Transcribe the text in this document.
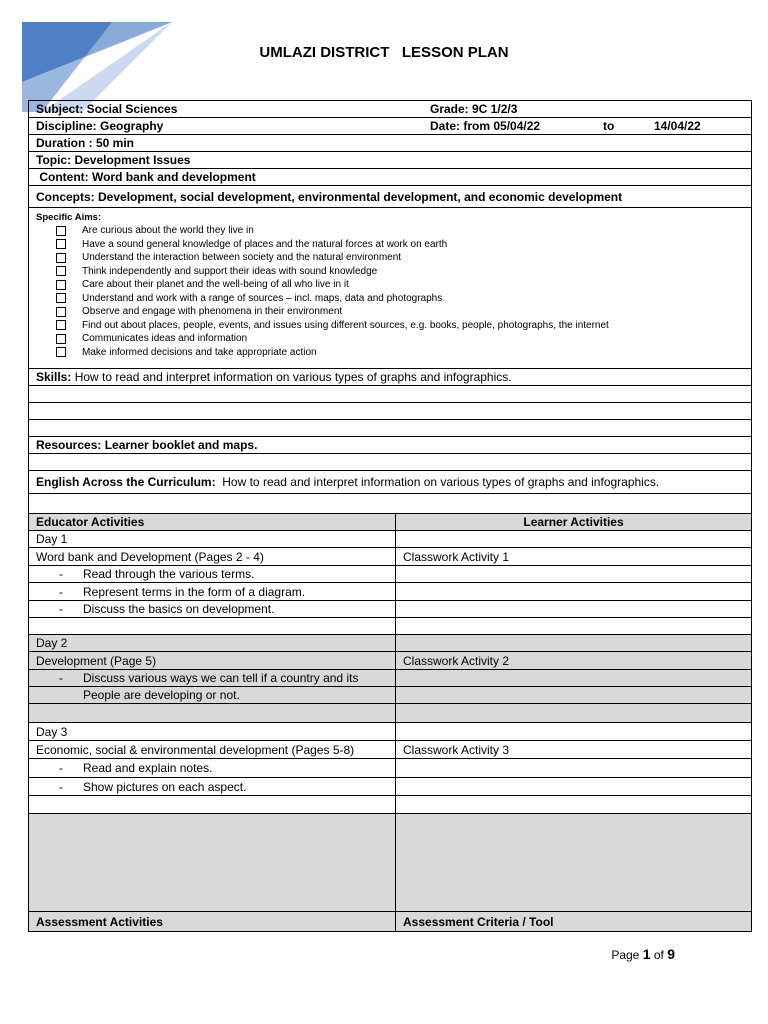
UMLAZI DISTRICT   LESSON PLAN
Subject: Social Sciences	Grade: 9C 1/2/3
Discipline: Geography	Date: from 05/04/22	to	14/04/22
Duration : 50 min
Topic: Development Issues
Content: Word bank and development
Concepts: Development, social development, environmental development, and economic development
Specific Aims:
Are curious about the world they live in
Have a sound general knowledge of places and the natural forces at work on earth
Understand the interaction between society and the natural environment
Think independently and support their ideas with sound knowledge
Care about their planet and the well-being of all who live in it
Understand and work with a range of sources – incl. maps, data and photographs
Observe and engage with phenomena in their environment
Find out about places, people, events, and issues using different sources, e.g. books, people, photographs, the internet
Communicates ideas and information
Make informed decisions and take appropriate action
Skills: How to read and interpret information on various types of graphs and infographics.
Resources: Learner booklet and maps.
English Across the Curriculum: How to read and interpret information on various types of graphs and infographics.
Educator Activities	Learner Activities
Day 1
Word bank and Development (Pages 2 - 4)	Classwork Activity 1
-	Read through the various terms.
-	Represent terms in the form of a diagram.
-	Discuss the basics on development.
Day 2
Development (Page 5)	Classwork Activity 2
-	Discuss various ways we can tell if a country and its
People are developing or not.
Day 3
Economic, social & environmental development (Pages 5-8)	Classwork Activity 3
-	Read and explain notes.
-	Show pictures on each aspect.
Assessment Activities	Assessment Criteria / Tool
Page 1 of 9
